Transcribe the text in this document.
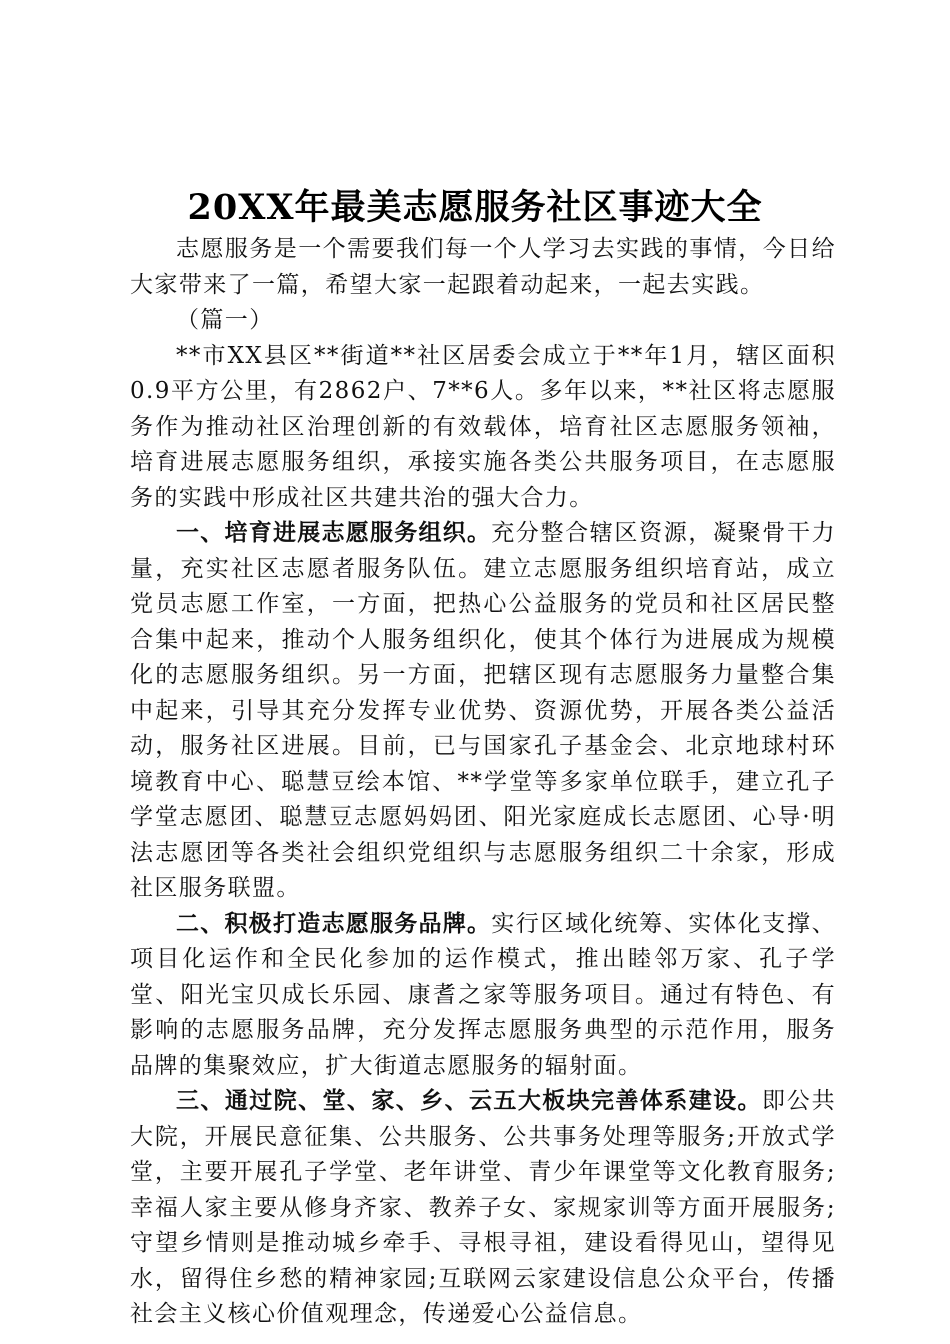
20XX年最美志愿服务社区事迹大全

志愿服务是一个需要我们每一个人学习去实践的事情，今日给大家带来了一篇，希望大家一起跟着动起来，一起去实践。

（篇一）

**市XX县区**街道**社区居委会成立于**年1月，辖区面积0.9平方公里，有2862户、7**6人。多年以来，**社区将志愿服务作为推动社区治理创新的有效载体，培育社区志愿服务领袖，培育进展志愿服务组织，承接实施各类公共服务项目，在志愿服务的实践中形成社区共建共治的强大合力。

一、培育进展志愿服务组织。充分整合辖区资源，凝聚骨干力量，充实社区志愿者服务队伍。建立志愿服务组织培育站，成立党员志愿工作室，一方面，把热心公益服务的党员和社区居民整合集中起来，推动个人服务组织化，使其个体行为进展成为规模化的志愿服务组织。另一方面，把辖区现有志愿服务力量整合集中起来，引导其充分发挥专业优势、资源优势，开展各类公益活动，服务社区进展。目前，已与国家孔子基金会、北京地球村环境教育中心、聪慧豆绘本馆、**学堂等多家单位联手，建立孔子学堂志愿团、聪慧豆志愿妈妈团、阳光家庭成长志愿团、心导·明法志愿团等各类社会组织党组织与志愿服务组织二十余家，形成社区服务联盟。

二、积极打造志愿服务品牌。实行区域化统筹、实体化支撑、项目化运作和全民化参加的运作模式，推出睦邻万家、孔子学堂、阳光宝贝成长乐园、康耆之家等服务项目。通过有特色、有影响的志愿服务品牌，充分发挥志愿服务典型的示范作用，服务品牌的集聚效应，扩大街道志愿服务的辐射面。

三、通过院、堂、家、乡、云五大板块完善体系建设。即公共大院，开展民意征集、公共服务、公共事务处理等服务;开放式学堂，主要开展孔子学堂、老年讲堂、青少年课堂等文化教育服务;幸福人家主要从修身齐家、教养子女、家规家训等方面开展服务;守望乡情则是推动城乡牵手、寻根寻祖，建设看得见山，望得见水，留得住乡愁的精神家园;互联网云家建设信息公众平台，传播社会主义核心价值观理念，传递爱心公益信息。
